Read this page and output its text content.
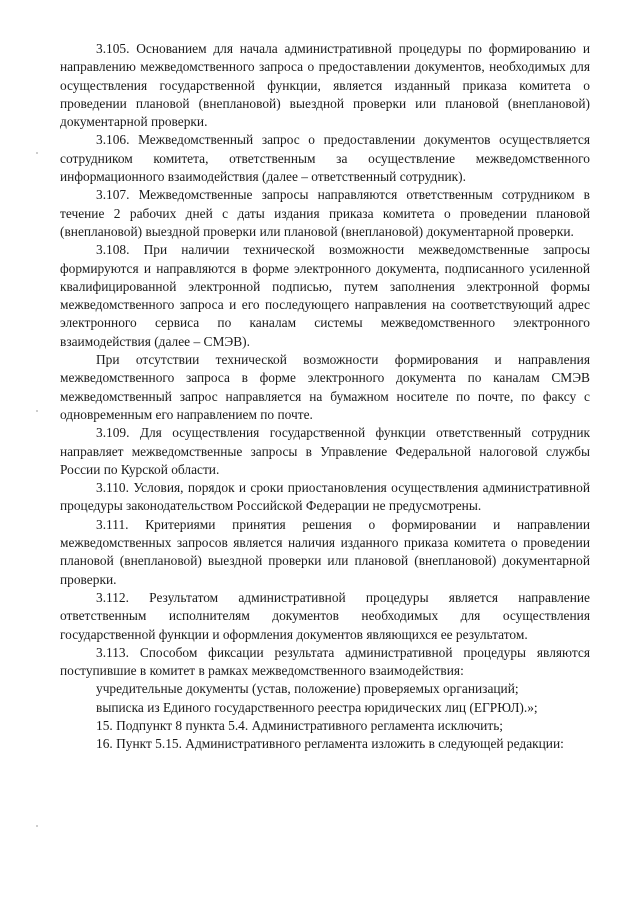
3.105. Основанием для начала административной процедуры по формированию и направлению межведомственного запроса о предоставлении документов, необходимых для осуществления государственной функции, является изданный приказа комитета о проведении плановой (внеплановой) выездной проверки или плановой (внеплановой) документарной проверки.

3.106. Межведомственный запрос о предоставлении документов осуществляется сотрудником комитета, ответственным за осуществление межведомственного информационного взаимодействия (далее – ответственный сотрудник).

3.107. Межведомственные запросы направляются ответственным сотрудником в течение 2 рабочих дней с даты издания приказа комитета о проведении плановой (внеплановой) выездной проверки или плановой (внеплановой) документарной проверки.

3.108. При наличии технической возможности межведомственные запросы формируются и направляются в форме электронного документа, подписанного усиленной квалифицированной электронной подписью, путем заполнения электронной формы межведомственного запроса и его последующего направления на соответствующий адрес электронного сервиса по каналам системы межведомственного электронного взаимодействия (далее – СМЭВ).

При отсутствии технической возможности формирования и направления межведомственного запроса в форме электронного документа по каналам СМЭВ межведомственный запрос направляется на бумажном носителе по почте, по факсу с одновременным его направлением по почте.

3.109. Для осуществления государственной функции ответственный сотрудник направляет межведомственные запросы в Управление Федеральной налоговой службы России по Курской области.

3.110. Условия, порядок и сроки приостановления осуществления административной процедуры законодательством Российской Федерации не предусмотрены.

3.111. Критериями принятия решения о формировании и направлении межведомственных запросов является наличия изданного приказа комитета о проведении плановой (внеплановой) выездной проверки или плановой (внеплановой) документарной проверки.

3.112. Результатом административной процедуры является направление ответственным исполнителям документов необходимых для осуществления государственной функции и оформления документов являющихся ее результатом.

3.113. Способом фиксации результата административной процедуры являются поступившие в комитет в рамках межведомственного взаимодействия:

учредительные документы (устав, положение) проверяемых организаций;

выписка из Единого государственного реестра юридических лиц (ЕГРЮЛ).»;

15. Подпункт 8 пункта 5.4. Административного регламента исключить;

16. Пункт 5.15. Административного регламента изложить в следующей редакции:
